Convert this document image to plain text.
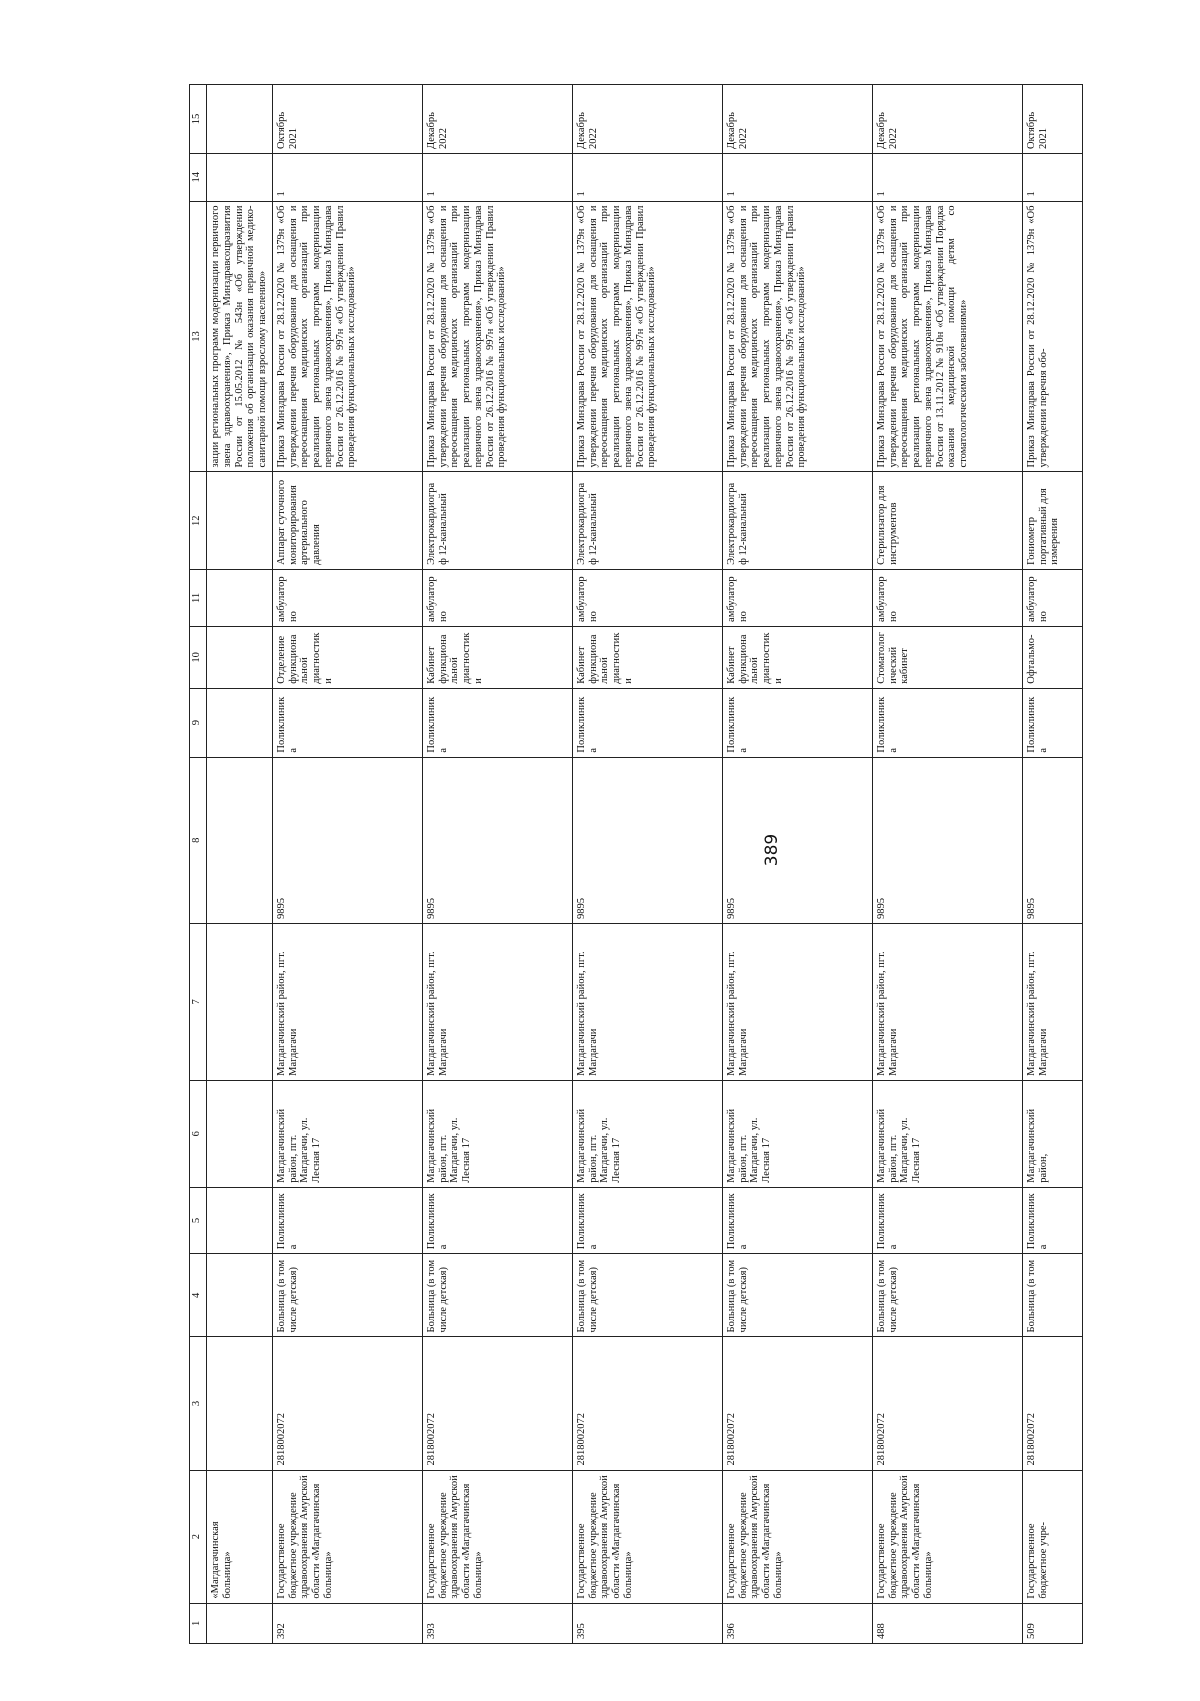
389
1	2	3	4	5	6	7	8	9	10	11	12	13	14	15
	«Магдагачинская больница»											зации региональных программ модернизации первичного звена здравоохранения», Приказ Минздравсоцразвития России от 15.05.2012 № 543н «Об утверждении положения об организации оказания первичной медико-санитарной помощи взрослому населению»		
392	Государственное бюджетное учреждение здравоохранения Амурской области «Магдагачинская больница»	2818002072	Больница (в том числе детская)	Поликлиника	Магдагачинский район, пгт. Магдагачи, ул. Лесная 17	Магдагачинский район, пгт. Магдагачи	9895	Поликлиника	Отделение функциональной диагностики	амбулаторно	Аппарат суточного мониторирования артериального давления	Приказ Минздрава России от 28.12.2020 № 1379н «Об утверждении перечня оборудования для оснащения и переоснащения медицинских организаций при реализации региональных программ модернизации первичного звена здравоохранения», Приказ Минздрава России от 26.12.2016 № 997н «Об утверждении Правил проведения функциональных исследований»	1	Октябрь 2021
393	Государственное бюджетное учреждение здравоохранения Амурской области «Магдагачинская больница»	2818002072	Больница (в том числе детская)	Поликлиника	Магдагачинский район, пгт. Магдагачи, ул. Лесная 17	Магдагачинский район, пгт. Магдагачи	9895	Поликлиника	Кабинет функциональной диагностики	амбулаторно	Электрокардиограф 12-канальный	Приказ Минздрава России от 28.12.2020 № 1379н «Об утверждении перечня оборудования для оснащения и переоснащения медицинских организаций при реализации региональных программ модернизации первичного звена здравоохранения», Приказ Минздрава России от 26.12.2016 № 997н «Об утверждении Правил проведения функциональных исследований»	1	Декабрь 2022
395	Государственное бюджетное учреждение здравоохранения Амурской области «Магдагачинская больница»	2818002072	Больница (в том числе детская)	Поликлиника	Магдагачинский район, пгт. Магдагачи, ул. Лесная 17	Магдагачинский район, пгт. Магдагачи	9895	Поликлиника	Кабинет функциональной диагностики	амбулаторно	Электрокардиограф 12-канальный	Приказ Минздрава России от 28.12.2020 № 1379н «Об утверждении перечня оборудования для оснащения и переоснащения медицинских организаций при реализации региональных программ модернизации первичного звена здравоохранения», Приказ Минздрава России от 26.12.2016 № 997н «Об утверждении Правил проведения функциональных исследований»	1	Декабрь 2022
396	Государственное бюджетное учреждение здравоохранения Амурской области «Магдагачинская больница»	2818002072	Больница (в том числе детская)	Поликлиника	Магдагачинский район, пгт. Магдагачи, ул. Лесная 17	Магдагачинский район, пгт. Магдагачи	9895	Поликлиника	Кабинет функциональной диагностики	амбулаторно	Электрокардиограф 12-канальный	Приказ Минздрава России от 28.12.2020 № 1379н «Об утверждении перечня оборудования для оснащения и переоснащения медицинских организаций при реализации региональных программ модернизации первичного звена здравоохранения», Приказ Минздрава России от 26.12.2016 № 997н «Об утверждении Правил проведения функциональных исследований»	1	Декабрь 2022
488	Государственное бюджетное учреждение здравоохранения Амурской области «Магдагачинская больница»	2818002072	Больница (в том числе детская)	Поликлиника	Магдагачинский район, пгт. Магдагачи, ул. Лесная 17	Магдагачинский район, пгт. Магдагачи	9895	Поликлиника	Стоматологический кабинет	амбулаторно	Стерилизатор для инструментов	Приказ Минздрава России от 28.12.2020 № 1379н «Об утверждении перечня оборудования для оснащения и переоснащения медицинских организаций при реализации региональных программ модернизации первичного звена здравоохранения», Приказ Минздрава России от 13.11.2012 № 910н «Об утверждении Порядка оказания медицинской помощи детям со стоматологическими заболеваниями»	1	Декабрь 2022
509	Государственное бюджетное учре-	2818002072	Больница (в том	Поликлиника	Магдагачинский район,	Магдагачинский район, пгт. Магдагачи	9895	Поликлиника	Офтальмо-	амбулаторно	Гониометр портативный для измерения	Приказ Минздрава России от 28.12.2020 № 1379н «Об утверждении перечня обо-	1	Октябрь 2021
